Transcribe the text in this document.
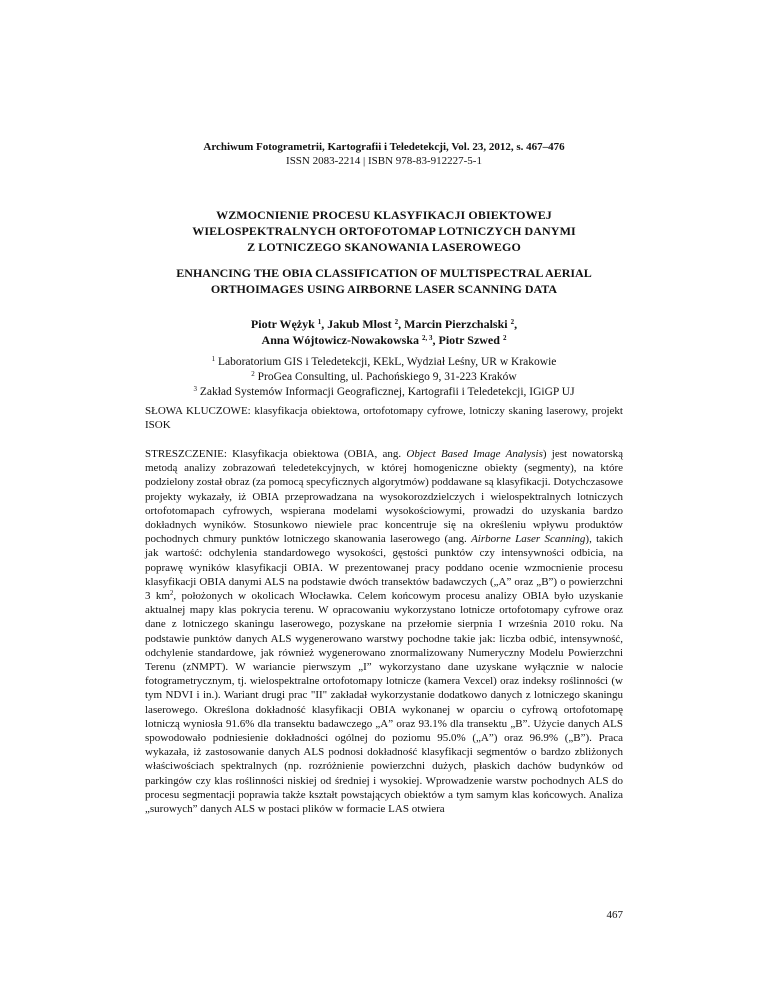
Archiwum Fotogrametrii, Kartografii i Teledetekcji, Vol. 23, 2012, s. 467–476
ISSN 2083-2214 | ISBN 978-83-912227-5-1
WZMOCNIENIE PROCESU KLASYFIKACJI OBIEKTOWEJ
WIELOSPEKTRALNYCH ORTOFOTOMAP LOTNICZYCH DANYMI
Z LOTNICZEGO SKANOWANIA LASEROWEGO
ENHANCING THE OBIA CLASSIFICATION OF MULTISPECTRAL AERIAL
ORTHOIMAGES USING AIRBORNE LASER SCANNING DATA
Piotr Wężyk $^1$, Jakub Mlost $^2$, Marcin Pierzchalski $^2$,
Anna Wójtowicz-Nowakowska $^{2, 3}$, Piotr Szwed $^2$
$^1$ Laboratorium GIS i Teledetekcji, KEkL, Wydział Leśny, UR w Krakowie
$^2$ ProGea Consulting, ul. Pachońskiego 9, 31-223 Kraków
$^3$ Zakład Systemów Informacji Geograficznej, Kartografii i Teledetekcji, IGiGP UJ
SŁOWA KLUCZOWE: klasyfikacja obiektowa, ortofotomapy cyfrowe, lotniczy skaning laserowy, projekt ISOK
STRESZCZENIE: Klasyfikacja obiektowa (OBIA, ang. Object Based Image Analysis) jest nowatorską metodą analizy zobrazowań teledetekcyjnych, w której homogeniczne obiekty (segmenty), na które podzielony został obraz (za pomocą specyficznych algorytmów) poddawane są klasyfikacji. Dotychczasowe projekty wykazały, iż OBIA przeprowadzana na wysokorozdzielczych i wielospektralnych lotniczych ortofotomapach cyfrowych, wspierana modelami wysokościowymi, prowadzi do uzyskania bardzo dokładnych wyników. Stosunkowo niewiele prac koncentruje się na określeniu wpływu produktów pochodnych chmury punktów lotniczego skanowania laserowego (ang. Airborne Laser Scanning), takich jak wartość: odchylenia standardowego wysokości, gęstości punktów czy intensywności odbicia, na poprawę wyników klasyfikacji OBIA. W prezentowanej pracy poddano ocenie wzmocnienie procesu klasyfikacji OBIA danymi ALS na podstawie dwóch transektów badawczych („A” oraz „B”) o powierzchni 3 $km^2$, położonych w okolicach Włocławka. Celem końcowym procesu analizy OBIA było uzyskanie aktualnej mapy klas pokrycia terenu. W opracowaniu wykorzystano lotnicze ortofotomapy cyfrowe oraz dane z lotniczego skaningu laserowego, pozyskane na przełomie sierpnia I września 2010 roku. Na podstawie punktów danych ALS wygenerowano warstwy pochodne takie jak: liczba odbić, intensywność, odchylenie standardowe, jak również wygenerowano znormalizowany Numeryczny Modelu Powierzchni Terenu (zNMPT). W wariancie pierwszym „I” wykorzystano dane uzyskane wyłącznie w nalocie fotogrametrycznym, tj. wielospektralne ortofotomapy lotnicze (kamera Vexcel) oraz indeksy roślinności (w tym NDVI i in.). Wariant drugi prac "II" zakładał wykorzystanie dodatkowo danych z lotniczego skaningu laserowego. Określona dokładność klasyfikacji OBIA wykonanej w oparciu o cyfrową ortofotomapę lotniczą wyniosła 91.6% dla transektu badawczego „A” oraz 93.1% dla transektu „B”. Użycie danych ALS spowodowało podniesienie dokładności ogólnej do poziomu 95.0% („A”) oraz 96.9% („B”). Praca wykazała, iż zastosowanie danych ALS podnosi dokładność klasyfikacji segmentów o bardzo zbliżonych właściwościach spektralnych (np. rozróżnienie powierzchni dużych, płaskich dachów budynków od parkingów czy klas roślinności niskiej od średniej i wysokiej. Wprowadzenie warstw pochodnych ALS do procesu segmentacji poprawia także kształt powstających obiektów a tym samym klas końcowych. Analiza „surowych” danych ALS w postaci plików w formacie LAS otwiera
467
